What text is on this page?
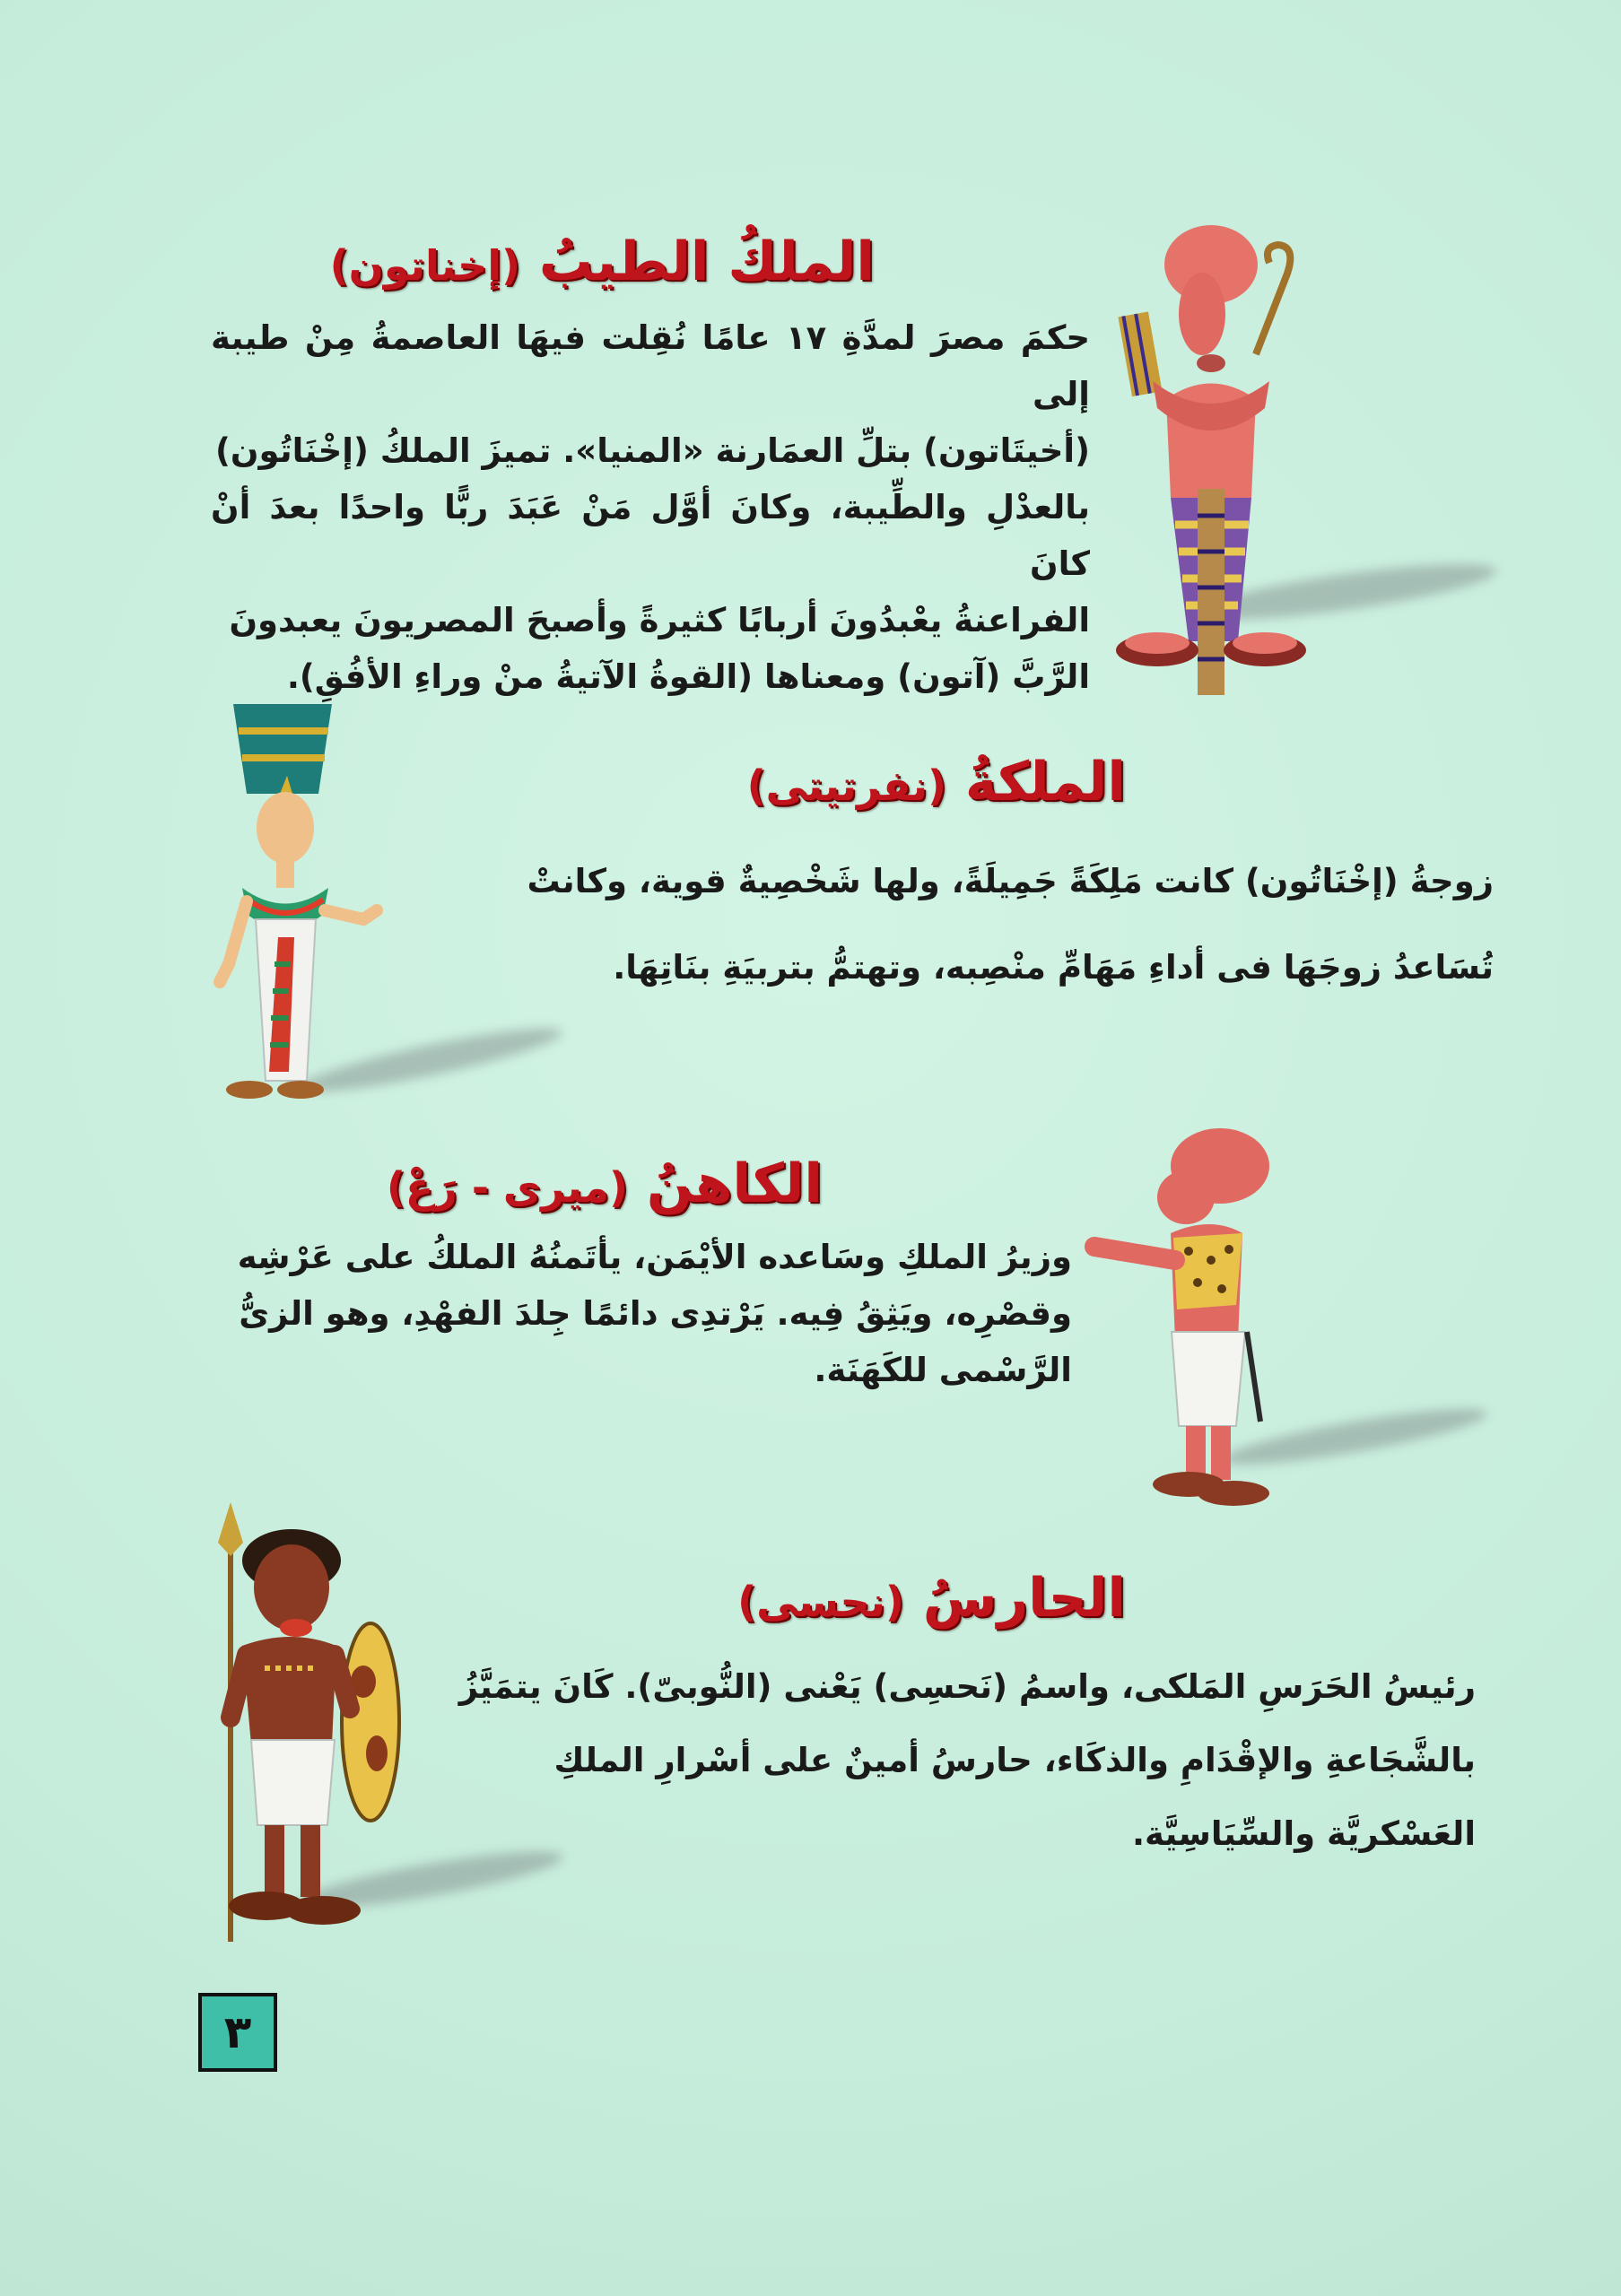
الملكُ الطيبُ (إخناتون)
حكمَ مصرَ لمدَّةِ ١٧ عامًا نُقِلت فيهَا العاصمةُ مِنْ طيبة إلى
(أخيتَاتون) بتلِّ العمَارنة «المنيا». تميزَ الملكُ (إخْنَاتُون)
بالعدْلِ والطِّيبة، وكانَ أوَّل مَنْ عَبَدَ ربًّا واحدًا بعدَ أنْ كانَ
الفراعنةُ يعْبدُونَ أربابًا كثيرةً وأصبحَ المصريونَ يعبدونَ
الرَّبَّ (آتون) ومعناها (القوةُ الآتيةُ منْ وراءِ الأفُقِ).
الملكةُ (نفرتيتى)
زوجةُ (إخْنَاتُون) كانت مَلِكَةً جَمِيلَةً، ولها شَخْصِيةٌ قوية، وكانتْ
تُسَاعدُ زوجَهَا فى أداءِ مَهَامِّ منْصِبه، وتهتمُّ بتربيَةِ بنَاتِهَا.
الكاهنُ (ميرى - رَعْ)
وزيرُ الملكِ وسَاعده الأيْمَن، يأتَمنُهُ الملكُ على عَرْشِه
وقصْرِه، ويَثِقُ فِيه. يَرْتدِى دائمًا جِلدَ الفهْدِ، وهو الزىُّ
الرَّسْمى للكَهَنَة.
الحارسُ (نحسى)
رئيسُ الحَرَسِ المَلكى، واسمُ (نَحسِى) يَعْنى (النُّوبىّ). كَانَ يتمَيَّزُ
بالشَّجَاعةِ والإقْدَامِ والذكَاء، حارسُ أمينٌ على أسْرارِ الملكِ
العَسْكريَّة والسِّيَاسِيَّة.
٣
